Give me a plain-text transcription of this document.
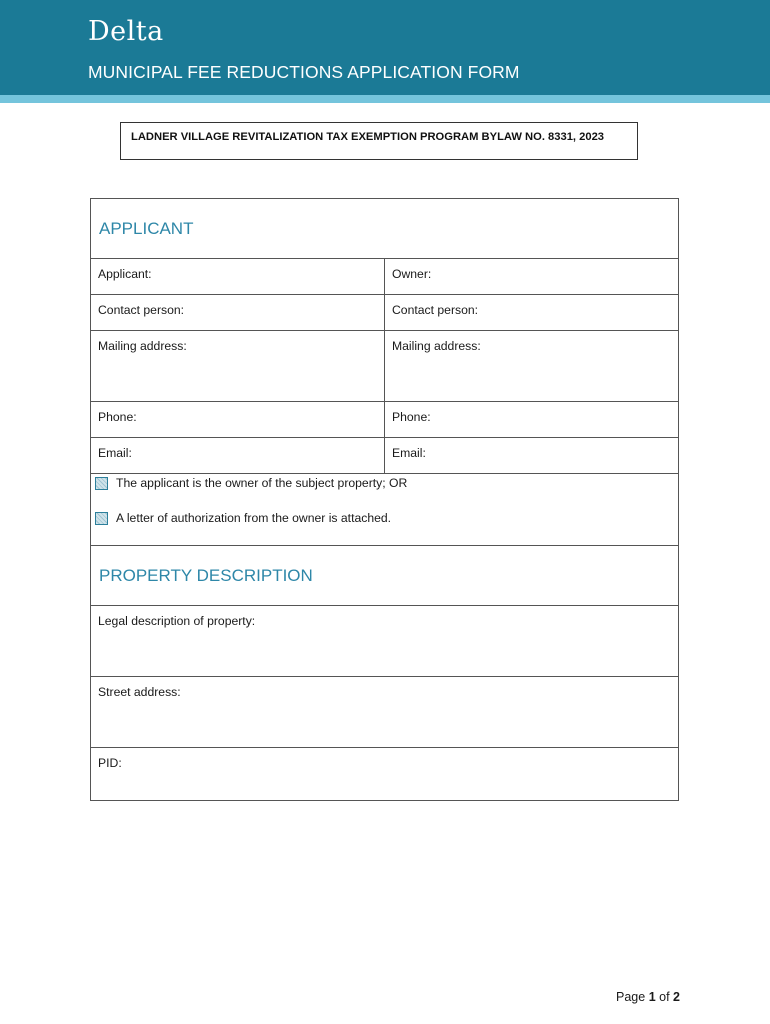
Delta
MUNICIPAL FEE REDUCTIONS APPLICATION FORM
LADNER VILLAGE REVITALIZATION TAX EXEMPTION PROGRAM BYLAW NO. 8331, 2023
APPLICANT
Applicant:	Owner:
Contact person:	Contact person:
Mailing address:	Mailing address:
Phone:	Phone:
Email:	Email:
The applicant is the owner of the subject property; OR
A letter of authorization from the owner is attached.
PROPERTY DESCRIPTION
Legal description of property:
Street address:
PID:
Page 1 of 2
